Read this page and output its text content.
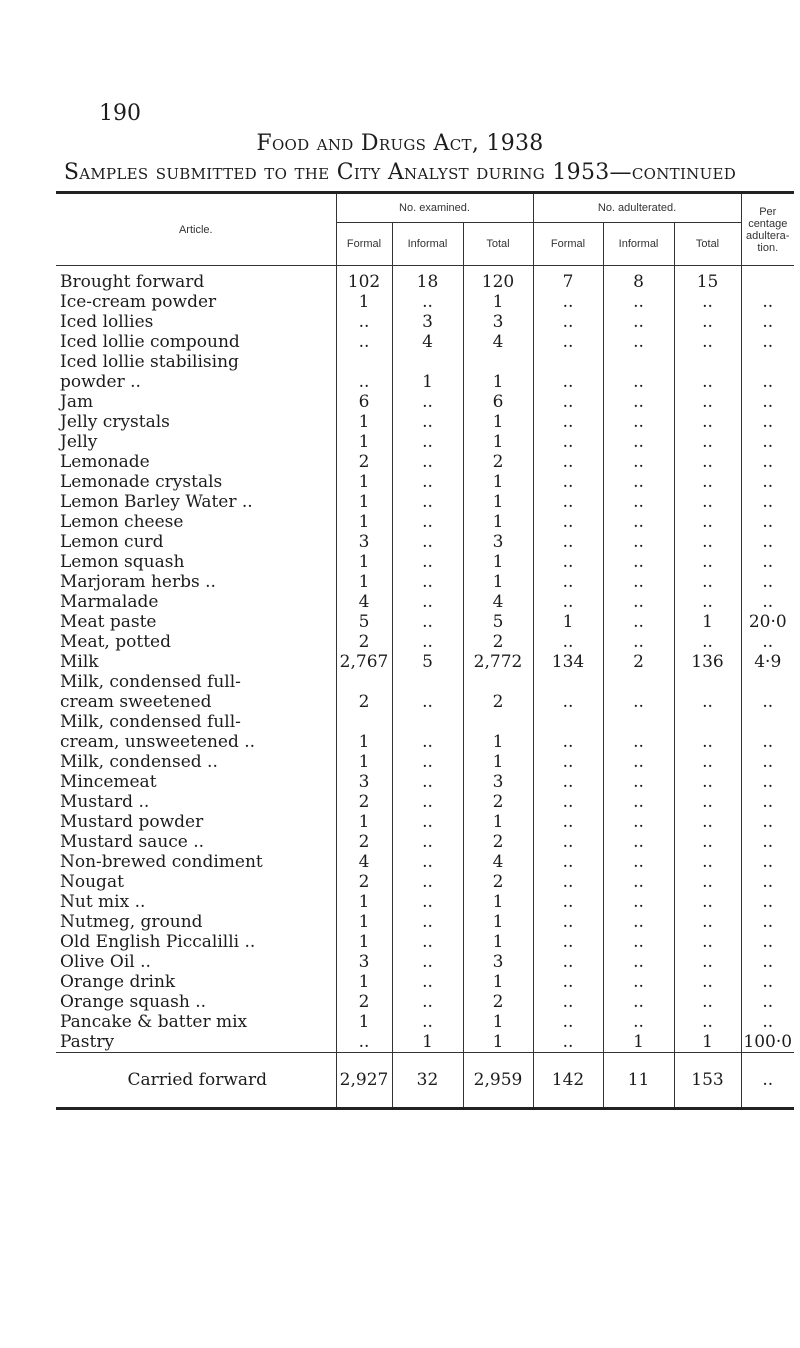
190
Food and Drugs Act, 1938
Samples submitted to the City Analyst during 1953—continued
Article.	No. examined.			No. adulterated.			Per centage adultera- tion.
	Formal	Informal	Total	Formal	Informal	Total	
Brought forward	102	18	120	7	8	15	
Ice-cream powder	1	..	1	..	..	..	..
Iced lollies	..	3	3	..	..	..	..
Iced lollie compound	..	4	4	..	..	..	..
Iced lollie stabilising							
powder ..	..	1	1	..	..	..	..
Jam	6	..	6	..	..	..	..
Jelly crystals	1	..	1	..	..	..	..
Jelly	1	..	1	..	..	..	..
Lemonade	2	..	2	..	..	..	..
Lemonade crystals	1	..	1	..	..	..	..
Lemon Barley Water ..	1	..	1	..	..	..	..
Lemon cheese	1	..	1	..	..	..	..
Lemon curd	3	..	3	..	..	..	..
Lemon squash	1	..	1	..	..	..	..
Marjoram herbs ..	1	..	1	..	..	..	..
Marmalade	4	..	4	..	..	..	..
Meat paste	5	..	5	1	..	1	20·0
Meat, potted	2	..	2	..	..	..	..
Milk	2,767	5	2,772	134	2	136	4·9
Milk, condensed full-							
cream sweetened	2	..	2	..	..	..	..
Milk, condensed full-							
cream, unsweetened ..	1	..	1	..	..	..	..
Milk, condensed ..	1	..	1	..	..	..	..
Mincemeat	3	..	3	..	..	..	..
Mustard ..	2	..	2	..	..	..	..
Mustard powder	1	..	1	..	..	..	..
Mustard sauce ..	2	..	2	..	..	..	..
Non-brewed condiment	4	..	4	..	..	..	..
Nougat	2	..	2	..	..	..	..
Nut mix ..	1	..	1	..	..	..	..
Nutmeg, ground	1	..	1	..	..	..	..
Old English Piccalilli ..	1	..	1	..	..	..	..
Olive Oil ..	3	..	3	..	..	..	..
Orange drink	1	..	1	..	..	..	..
Orange squash ..	2	..	2	..	..	..	..
Pancake & batter mix	1	..	1	..	..	..	..
Pastry	..	1	1	..	1	1	100·0
Carried forward	2,927	32	2,959	142	11	153	..
